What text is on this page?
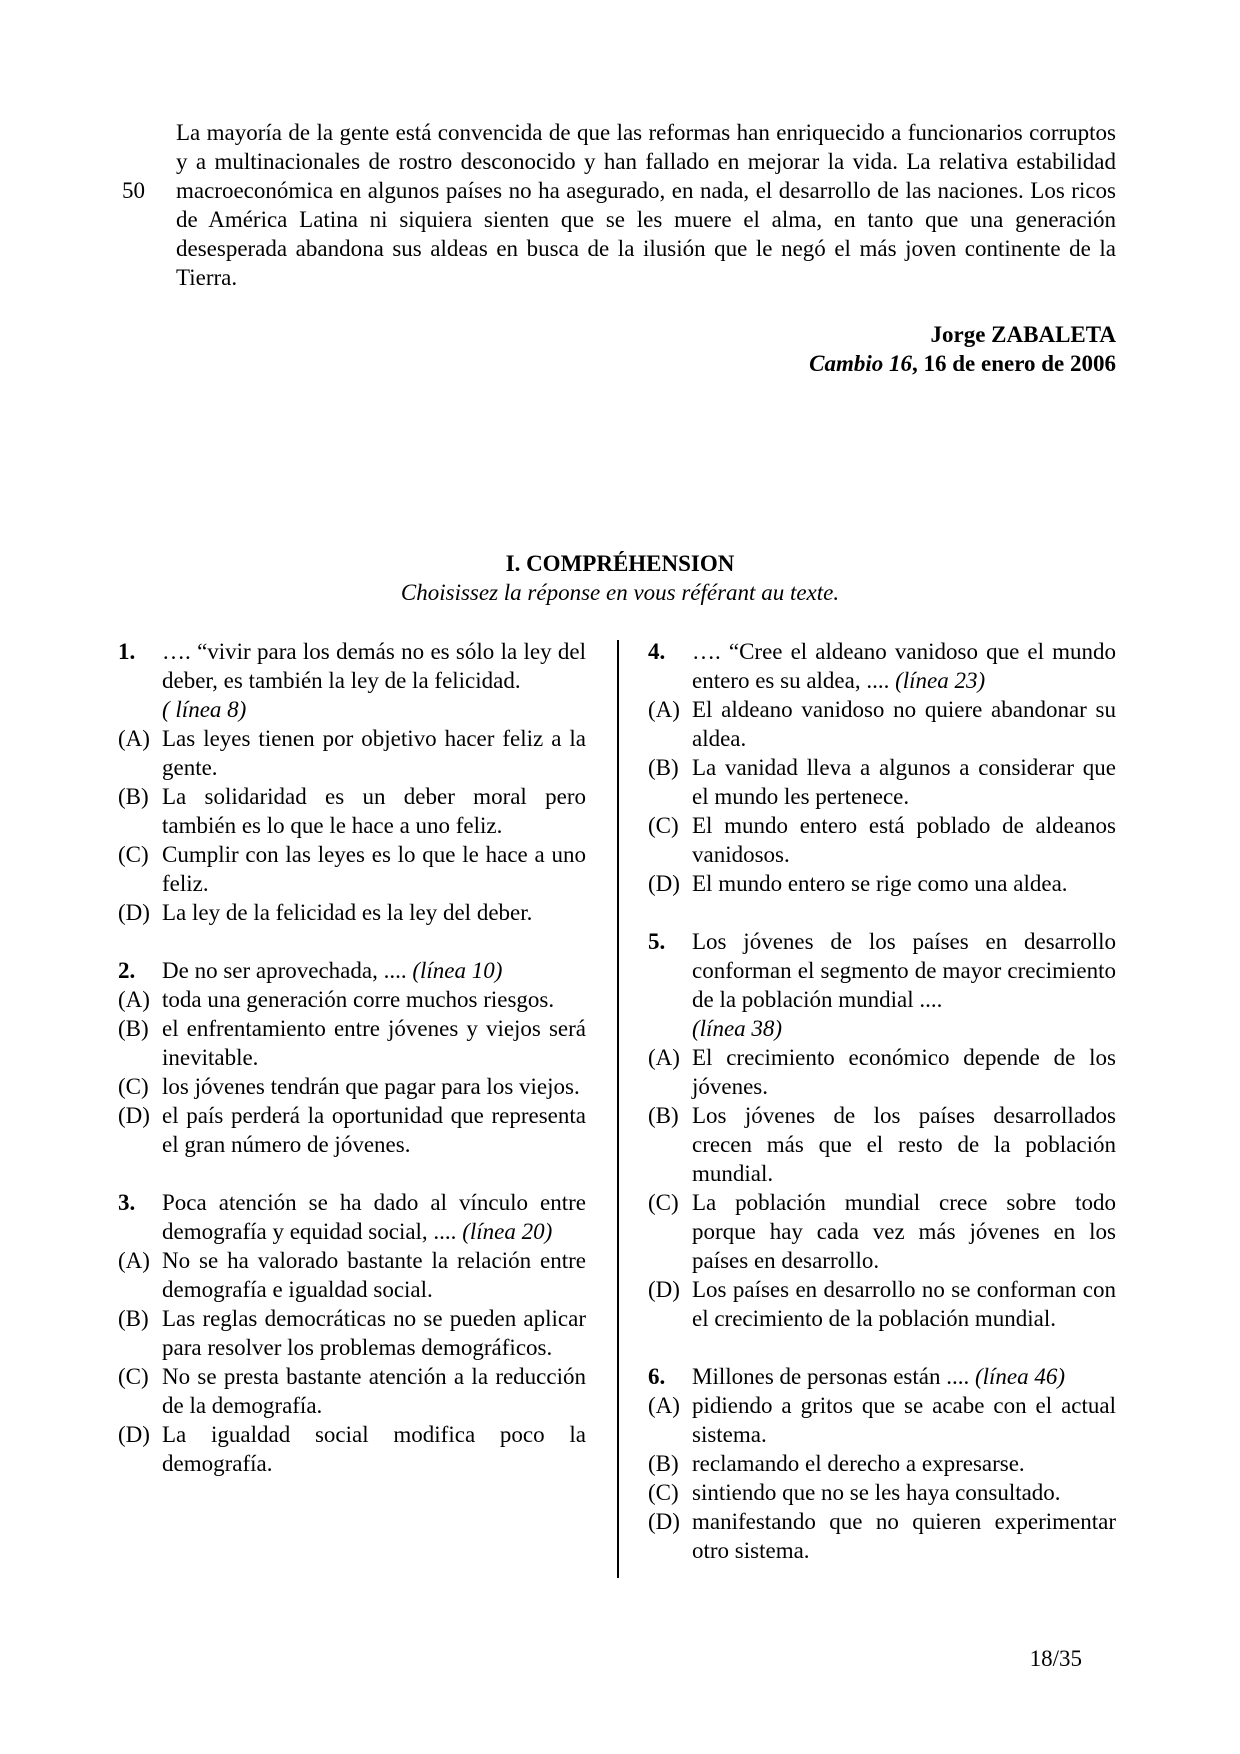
50

La mayoría de la gente está convencida de que las reformas han enriquecido a funcionarios corruptos y a multinacionales de rostro desconocido y han fallado en mejorar la vida. La relativa estabilidad macroeconómica en algunos países no ha asegurado, en nada, el desarrollo de las naciones. Los ricos de América Latina ni siquiera sienten que se les muere el alma, en tanto que una generación desesperada abandona sus aldeas en busca de la ilusión que le negó el más joven continente de la Tierra.

Jorge ZABALETA
Cambio 16, 16 de enero de 2006
I. COMPRÉHENSION
Choisissez la réponse en vous référant au texte.
1.	…. “vivir para los demás no es sólo la ley del deber, es también la ley de la felicidad.
( línea 8)
(A) Las leyes tienen por objetivo hacer feliz a la gente.
(B) La solidaridad es un deber moral pero también es lo que le hace a uno feliz.
(C) Cumplir con las leyes es lo que le hace a uno feliz.
(D) La ley de la felicidad es la ley del deber.
2.	De no ser aprovechada, .... (línea 10)
(A) toda una generación corre muchos riesgos.
(B) el enfrentamiento entre jóvenes y viejos será inevitable.
(C) los jóvenes tendrán que pagar para los viejos.
(D) el país perderá la oportunidad que representa el gran número de jóvenes.
3.	Poca atención se ha dado al vínculo entre demografía y equidad social, .... (línea 20)
(A) No se ha valorado bastante la relación entre demografía e igualdad social.
(B) Las reglas democráticas no se pueden aplicar para resolver los problemas demográficos.
(C) No se presta bastante atención a la reducción de la demografía.
(D) La igualdad social modifica poco la demografía.
4.	…. “Cree el aldeano vanidoso que el mundo entero es su aldea, .... (línea 23)
(A) El aldeano vanidoso no quiere abandonar su aldea.
(B) La vanidad lleva a algunos a considerar que el mundo les pertenece.
(C) El mundo entero está poblado de aldeanos vanidosos.
(D) El mundo entero se rige como una aldea.
5.	Los jóvenes de los países en desarrollo conforman el segmento de mayor crecimiento de la población mundial ....
(línea 38)
(A) El crecimiento económico depende de los jóvenes.
(B) Los jóvenes de los países desarrollados crecen más que el resto de la población mundial.
(C) La población mundial crece sobre todo porque hay cada vez más jóvenes en los países en desarrollo.
(D) Los países en desarrollo no se conforman con el crecimiento de la población mundial.
6.	Millones de personas están .... (línea 46)
(A) pidiendo a gritos que se acabe con el actual sistema.
(B) reclamando el derecho a expresarse.
(C) sintiendo que no se les haya consultado.
(D) manifestando que no quieren experimentar otro sistema.
18/35
